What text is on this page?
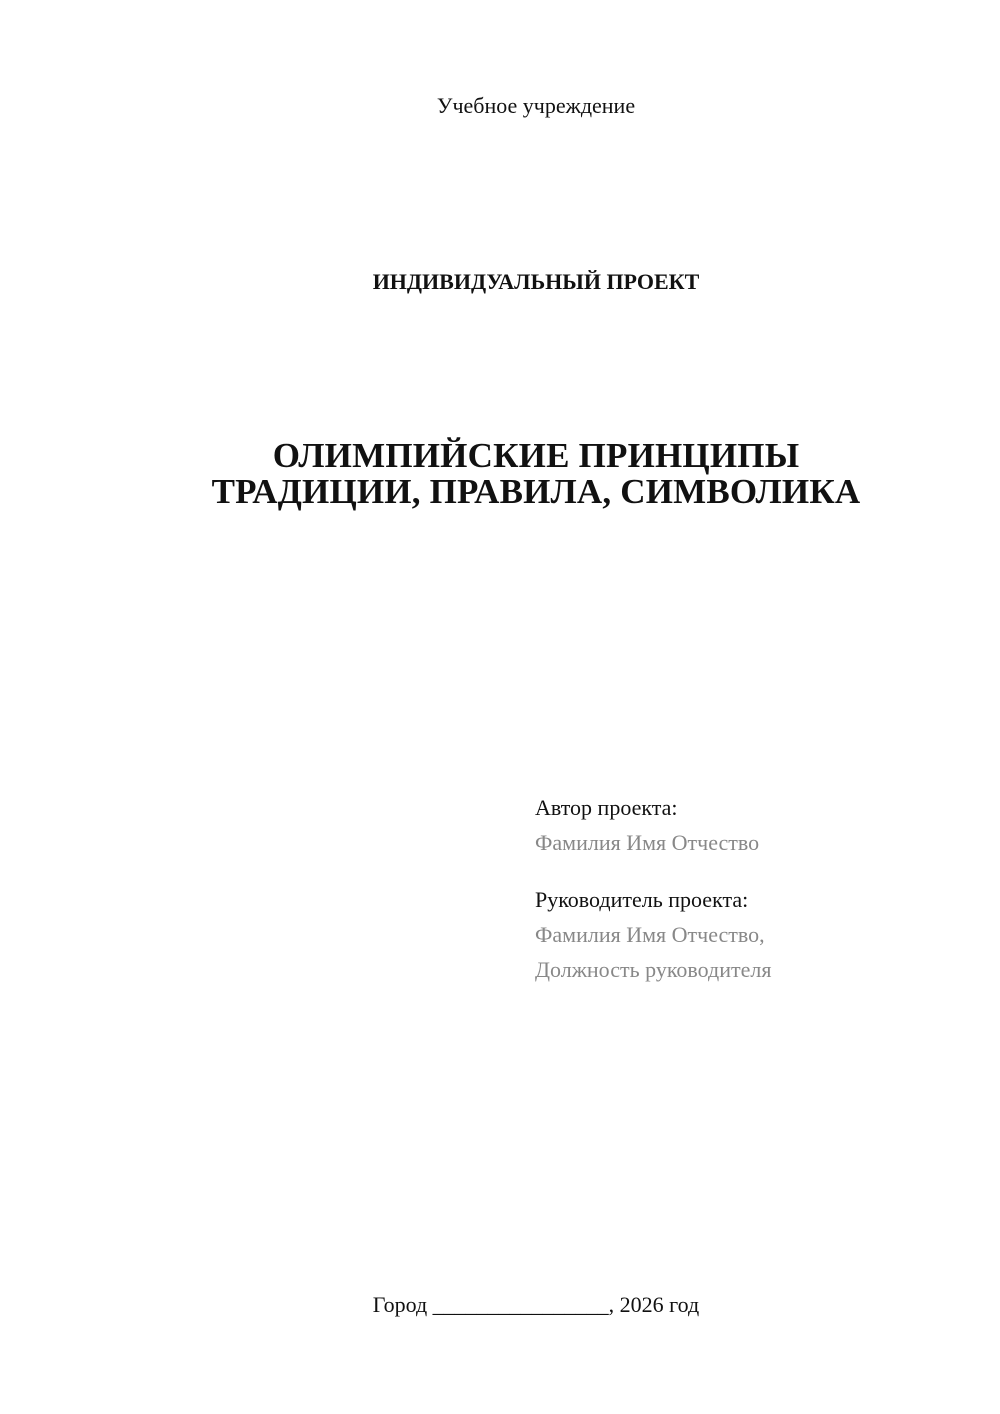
Учебное учреждение
ИНДИВИДУАЛЬНЫЙ ПРОЕКТ
ОЛИМПИЙСКИЕ ПРИНЦИПЫ
ТРАДИЦИИ, ПРАВИЛА, СИМВОЛИКА
Автор проекта:
Фамилия Имя Отчество
Руководитель проекта:
Фамилия Имя Отчество,
Должность руководителя
Город ________________, 2026 год
